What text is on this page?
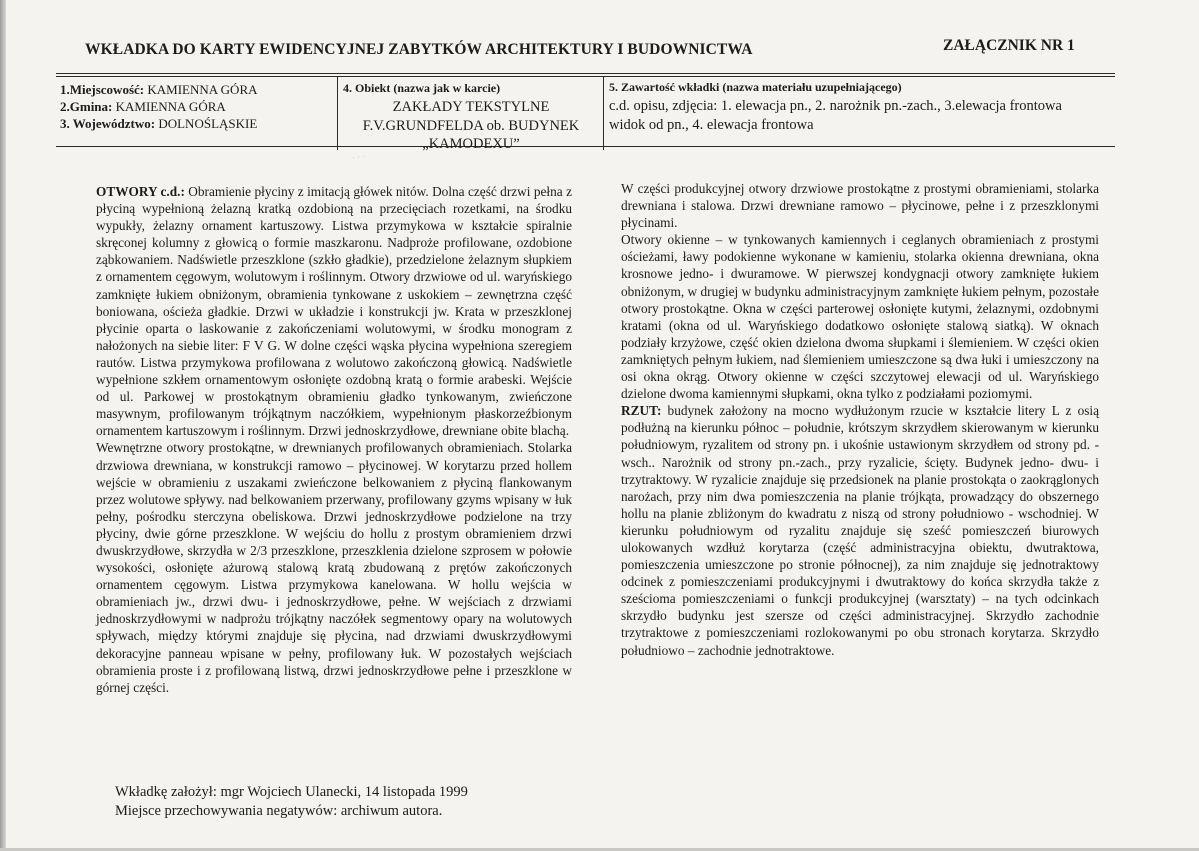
WKŁADKA DO KARTY EWIDENCYJNEJ ZABYTKÓW ARCHITEKTURY I BUDOWNICTWA	ZAŁĄCZNIK NR 1
1.Miejscowość: KAMIENNA GÓRA
2.Gmina: KAMIENNA GÓRA
3. Województwo: DOLNOŚLĄSKIE
4. Obiekt (nazwa jak w karcie)
ZAKŁADY TEKSTYLNE
F.V.GRUNDFELDA ob. BUDYNEK
„KAMODEXU”
5. Zawartość wkładki (nazwa materiału uzupełniającego)
c.d. opisu, zdjęcia: 1. elewacja pn., 2. narożnik pn.-zach., 3.elewacja frontowa
widok od pn., 4. elewacja frontowa
· · ·

OTWORY c.d.: Obramienie płyciny z imitacją główek nitów. Dolna część drzwi pełna z płyciną wypełnioną żelazną kratką ozdobioną na przecięciach rozetkami, na środku wypukły, żelazny ornament kartuszowy. Listwa przymykowa w kształcie spiralnie skręconej kolumny z głowicą o formie maszkaronu. Nadproże profilowane, ozdobione ząbkowaniem. Nadświetle przeszklone (szkło gładkie), przedzielone żelaznym słupkiem z ornamentem cęgowym, wolutowym i roślinnym. Otwory drzwiowe od ul. waryńskiego zamknięte łukiem obniżonym, obramienia tynkowane z uskokiem – zewnętrzna część boniowana, ościeża gładkie. Drzwi w układzie i konstrukcji jw. Krata w przeszklonej płycinie oparta o laskowanie z zakończeniami wolutowymi, w środku monogram z nałożonych na siebie liter: F V G. W dolne części wąska płycina wypełniona szeregiem rautów. Listwa przymykowa profilowana z wolutowo zakończoną głowicą. Nadświetle wypełnione szkłem ornamentowym osłonięte ozdobną kratą o formie arabeski. Wejście od ul. Parkowej w prostokątnym obramieniu gładko tynkowanym, zwieńczone masywnym, profilowanym trójkątnym naczółkiem, wypełnionym płaskorzeźbionym ornamentem kartuszowym i roślinnym. Drzwi jednoskrzydłowe, drewniane obite blachą.

Wewnętrzne otwory prostokątne, w drewnianych profilowanych obramieniach. Stolarka drzwiowa drewniana, w konstrukcji ramowo – płycinowej. W korytarzu przed hollem wejście w obramieniu z uszakami zwieńczone belkowaniem z płyciną flankowanym przez wolutowe spływy. nad belkowaniem przerwany, profilowany gzyms wpisany w łuk pełny, pośrodku sterczyna obeliskowa. Drzwi jednoskrzydłowe podzielone na trzy płyciny, dwie górne przeszklone. W wejściu do hollu z prostym obramieniem drzwi dwuskrzydłowe, skrzydła w 2/3 przeszklone, przeszklenia dzielone szprosem w połowie wysokości, osłonięte ażurową stalową kratą zbudowaną z prętów zakończonych ornamentem cęgowym. Listwa przymykowa kanelowana. W hollu wejścia w obramieniach jw., drzwi dwu- i jednoskrzydłowe, pełne. W wejściach z drzwiami jednoskrzydłowymi w nadprożu trójkątny naczółek segmentowy opary na wolutowych spływach, między którymi znajduje się płycina, nad drzwiami dwuskrzydłowymi dekoracyjne panneau wpisane w pełny, profilowany łuk. W pozostałych wejściach obramienia proste i z profilowaną listwą, drzwi jednoskrzydłowe pełne i przeszklone w górnej części.

W części produkcyjnej otwory drzwiowe prostokątne z prostymi obramieniami, stolarka drewniana i stalowa. Drzwi drewniane ramowo – płycinowe, pełne i z przeszklonymi płycinami.

Otwory okienne – w tynkowanych kamiennych i ceglanych obramieniach z prostymi ościeżami, ławy podokienne wykonane w kamieniu, stolarka okienna drewniana, okna krosnowe jedno- i dwuramowe. W pierwszej kondygnacji otwory zamknięte łukiem obniżonym, w drugiej w budynku administracyjnym zamknięte łukiem pełnym, pozostałe otwory prostokątne. Okna w części parterowej osłonięte kutymi, żelaznymi, ozdobnymi kratami (okna od ul. Waryńskiego dodatkowo osłonięte stalową siatką). W oknach podziały krzyżowe, część okien dzielona dwoma słupkami i ślemieniem. W części okien zamkniętych pełnym łukiem, nad ślemieniem umieszczone są dwa łuki i umieszczony na osi okna okrąg. Otwory okienne w części szczytowej elewacji od ul. Waryńskiego dzielone dwoma kamiennymi słupkami, okna tylko z podziałami poziomymi.

RZUT: budynek założony na mocno wydłużonym rzucie w kształcie litery L z osią podłużną na kierunku północ – południe, krótszym skrzydłem skierowanym w kierunku południowym, ryzalitem od strony pn. i ukośnie ustawionym skrzydłem od strony pd. - wsch.. Narożnik od strony pn.-zach., przy ryzalicie, ścięty. Budynek jedno- dwu- i trzytraktowy. W ryzalicie znajduje się przedsionek na planie prostokąta o zaokrąglonych narożach, przy nim dwa pomieszczenia na planie trójkąta, prowadzący do obszernego hollu na planie zbliżonym do kwadratu z niszą od strony południowo - wschodniej. W kierunku południowym od ryzalitu znajduje się sześć pomieszczeń biurowych ulokowanych wzdłuż korytarza (część administracyjna obiektu, dwutraktowa, pomieszczenia umieszczone po stronie północnej), za nim znajduje się jednotraktowy odcinek z pomieszczeniami produkcyjnymi i dwutraktowy do końca skrzydła także z sześcioma pomieszczeniami o funkcji produkcyjnej (warsztaty) – na tych odcinkach skrzydło budynku jest szersze od części administracyjnej. Skrzydło zachodnie trzytraktowe z pomieszczeniami rozlokowanymi po obu stronach korytarza. Skrzydło południowo – zachodnie jednotraktowe.

Wkładkę założył: mgr Wojciech Ulanecki, 14 listopada 1999
Miejsce przechowywania negatywów: archiwum autora.
